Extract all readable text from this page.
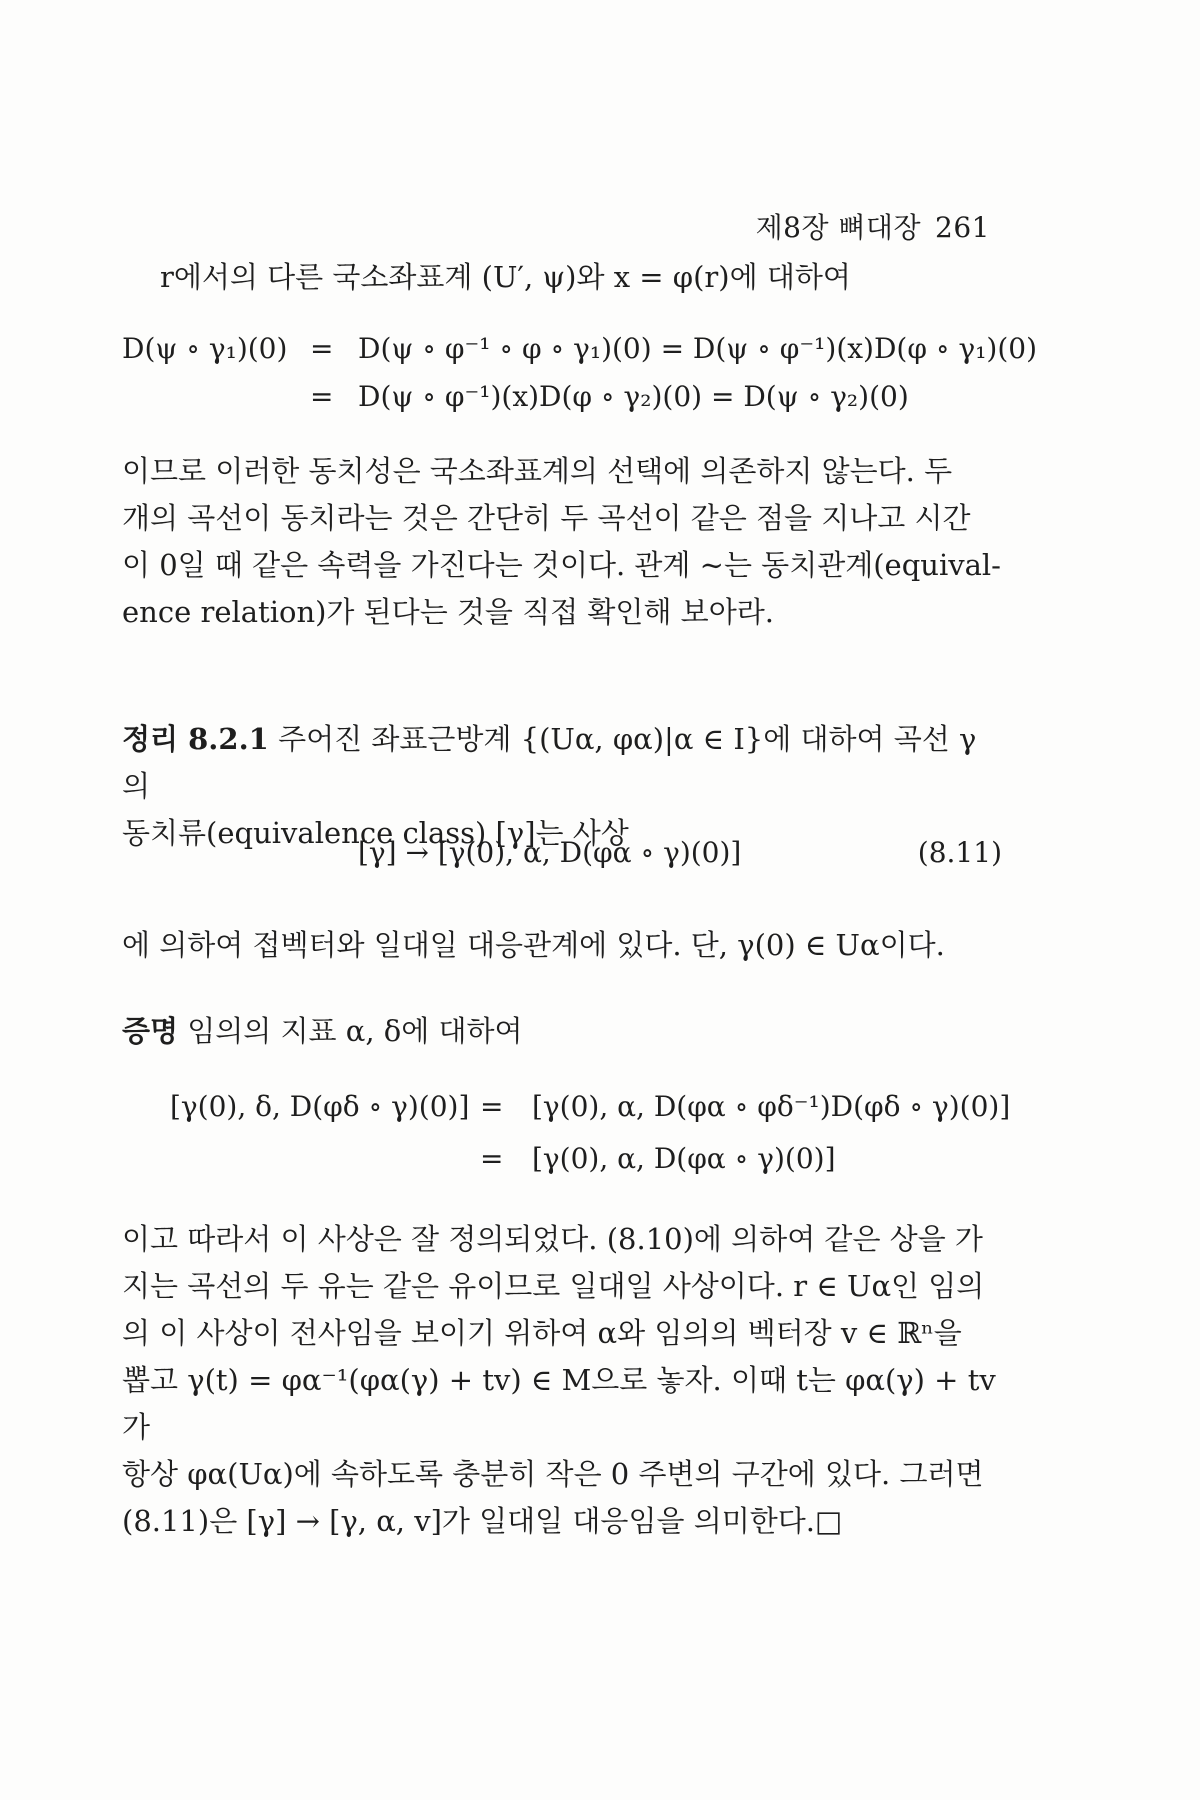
제8장 뼈대장 261

r에서의 다른 국소좌표계 (U′, ψ)와 x = φ(r)에 대하여

D(ψ ∘ γ₁)(0) = D(ψ ∘ φ⁻¹ ∘ φ ∘ γ₁)(0) = D(ψ ∘ φ⁻¹)(x)D(φ ∘ γ₁)(0)
= D(ψ ∘ φ⁻¹)(x)D(φ ∘ γ₂)(0) = D(ψ ∘ γ₂)(0)

이므로 이러한 동치성은 국소좌표계의 선택에 의존하지 않는다. 두

개의 곡선이 동치라는 것은 간단히 두 곡선이 같은 점을 지나고 시간

이 0일 때 같은 속력을 가진다는 것이다. 관계 ∼는 동치관계(equival-

ence relation)가 된다는 것을 직접 확인해 보아라.

정리 8.2.1 주어진 좌표근방계 {(Uα, φα)|α ∈ I}에 대하여 곡선 γ의

동치류(equivalence class) [γ]는 사상

[γ] → [γ(0), α, D(φα ∘ γ)(0)]	(8.11)

에 의하여 접벡터와 일대일 대응관계에 있다. 단, γ(0) ∈ Uα이다.

증명 임의의 지표 α, δ에 대하여

[γ(0), δ, D(φδ ∘ γ)(0)] = [γ(0), α, D(φα ∘ φδ⁻¹)D(φδ ∘ γ)(0)]
= [γ(0), α, D(φα ∘ γ)(0)]

이고 따라서 이 사상은 잘 정의되었다. (8.10)에 의하여 같은 상을 가

지는 곡선의 두 유는 같은 유이므로 일대일 사상이다. r ∈ Uα인 임의

의 이 사상이 전사임을 보이기 위하여 α와 임의의 벡터장 v ∈ ℝⁿ을

뽑고 γ(t) = φα⁻¹(φα(γ) + tv) ∈ M으로 놓자. 이때 t는 φα(γ) + tv가

항상 φα(Uα)에 속하도록 충분히 작은 0 주변의 구간에 있다. 그러면

(8.11)은 [γ] → [γ, α, v]가 일대일 대응임을 의미한다.□
